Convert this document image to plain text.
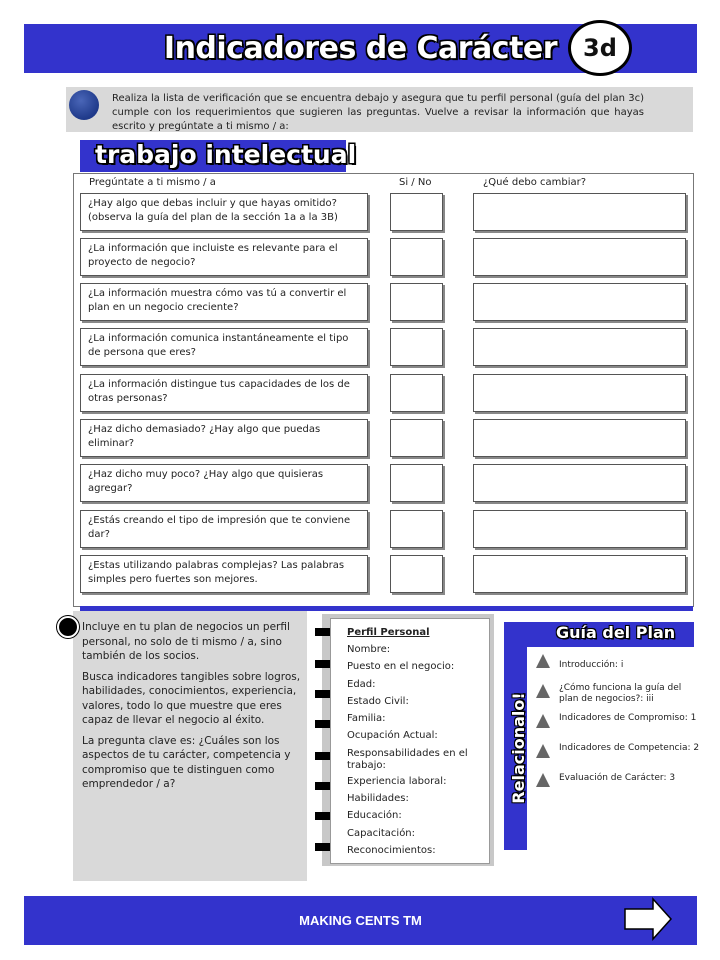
Indicadores de Carácter	3d
Realiza la lista de verificación que se encuentra debajo y asegura que tu perfil personal (guía del plan 3c) cumple con los requerimientos que sugieren las preguntas. Vuelve a revisar la información que hayas escrito y pregúntate a ti mismo / a:
trabajo intelectual
Pregúntate a ti mismo / a	Si / No	¿Qué debo cambiar?
¿Hay algo que debas incluir y que hayas omitido? (observa la guía del plan de la sección 1a a la 3B)
¿La información que incluiste es relevante para el proyecto de negocio?
¿La información muestra cómo vas tú a convertir el plan en un negocio creciente?
¿La información comunica instantáneamente el tipo de persona que eres?
¿La información distingue tus capacidades de los de otras personas?
¿Haz dicho demasiado? ¿Hay algo que puedas eliminar?
¿Haz dicho muy poco? ¿Hay algo que quisieras agregar?
¿Estás creando el tipo de impresión que te conviene dar?
¿Estas utilizando palabras complejas? Las palabras simples pero fuertes son mejores.

Incluye en tu plan de negocios un perfil personal, no solo de ti mismo / a, sino también de los socios.

Busca indicadores tangibles sobre logros, habilidades, conocimientos, experiencia, valores, todo lo que muestre que eres capaz de llevar el negocio al éxito.

La pregunta clave es: ¿Cuáles son los aspectos de tu carácter, competencia y compromiso que te distinguen como emprendedor / a?

Perfil Personal
Nombre:
Puesto en el negocio:
Edad:
Estado Civil:
Familia:
Ocupación Actual:
Responsabilidades en el trabajo:
Experiencia laboral:
Habilidades:
Educación:
Capacitación:
Reconocimientos:
Guía del Plan
Relacionalo!
Introducción: i
¿Cómo funciona la guía del plan de negocios?: iii
Indicadores de Compromiso: 1
Indicadores de Competencia: 2
Evaluación de Carácter: 3
MAKING CENTS TM
